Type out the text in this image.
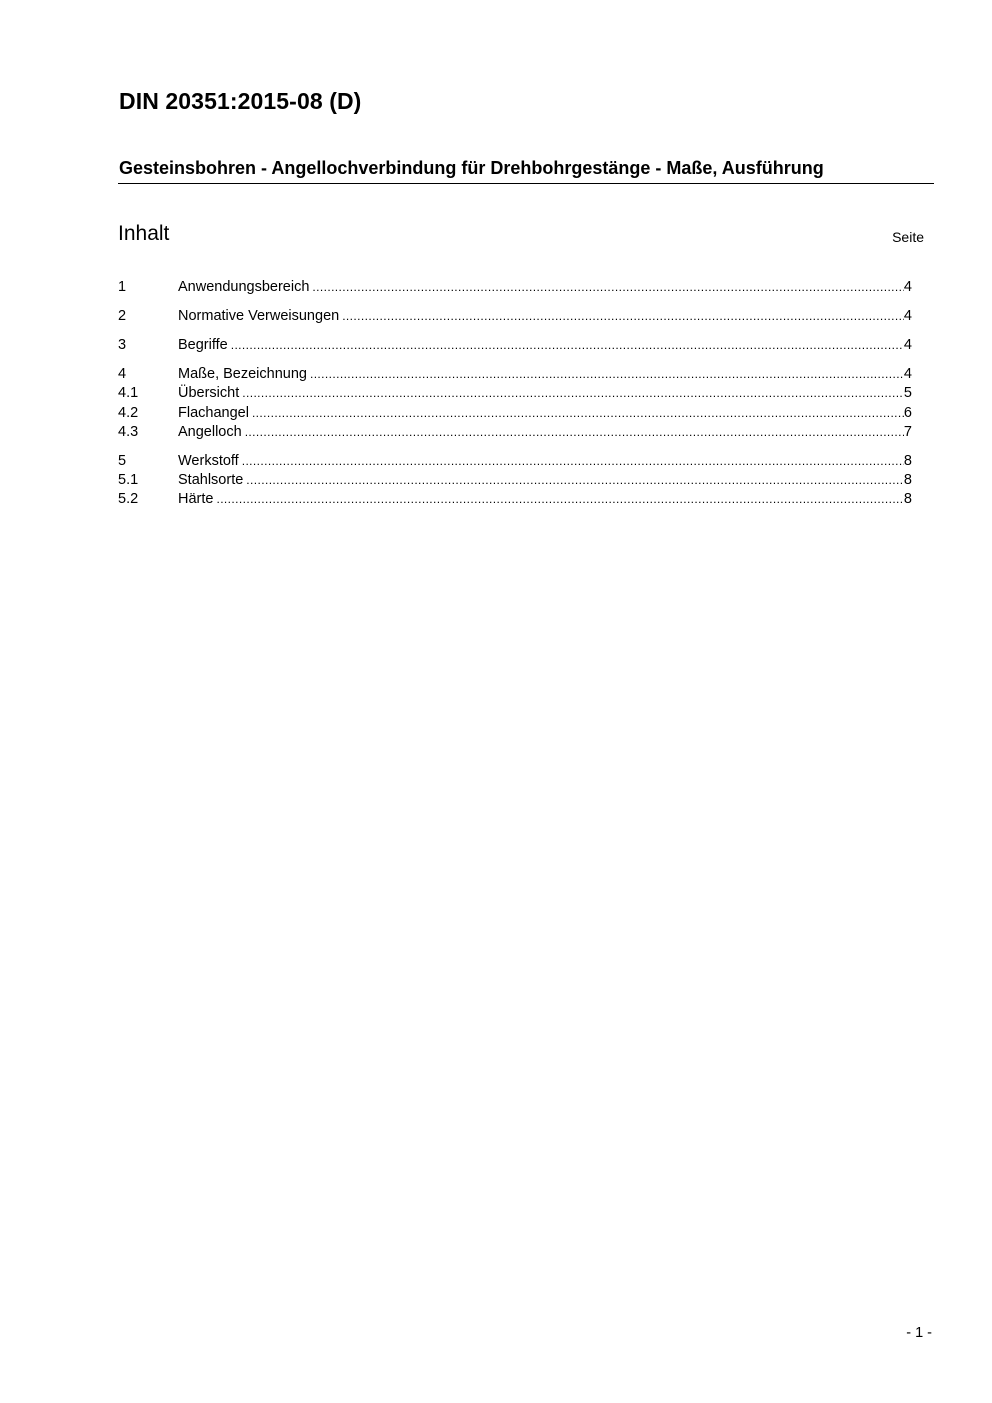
DIN 20351:2015-08 (D)
Gesteinsbohren - Angellochverbindung für Drehbohrgestänge - Maße, Ausführung
Inhalt	Seite
1	Anwendungsbereich .....	4
2	Normative Verweisungen .....	4
3	Begriffe .....	4
4	Maße, Bezeichnung .....	4
4.1	Übersicht .....	5
4.2	Flachangel .....	6
4.3	Angelloch .....	7
5	Werkstoff .....	8
5.1	Stahlsorte .....	8
5.2	Härte .....	8
- 1 -
